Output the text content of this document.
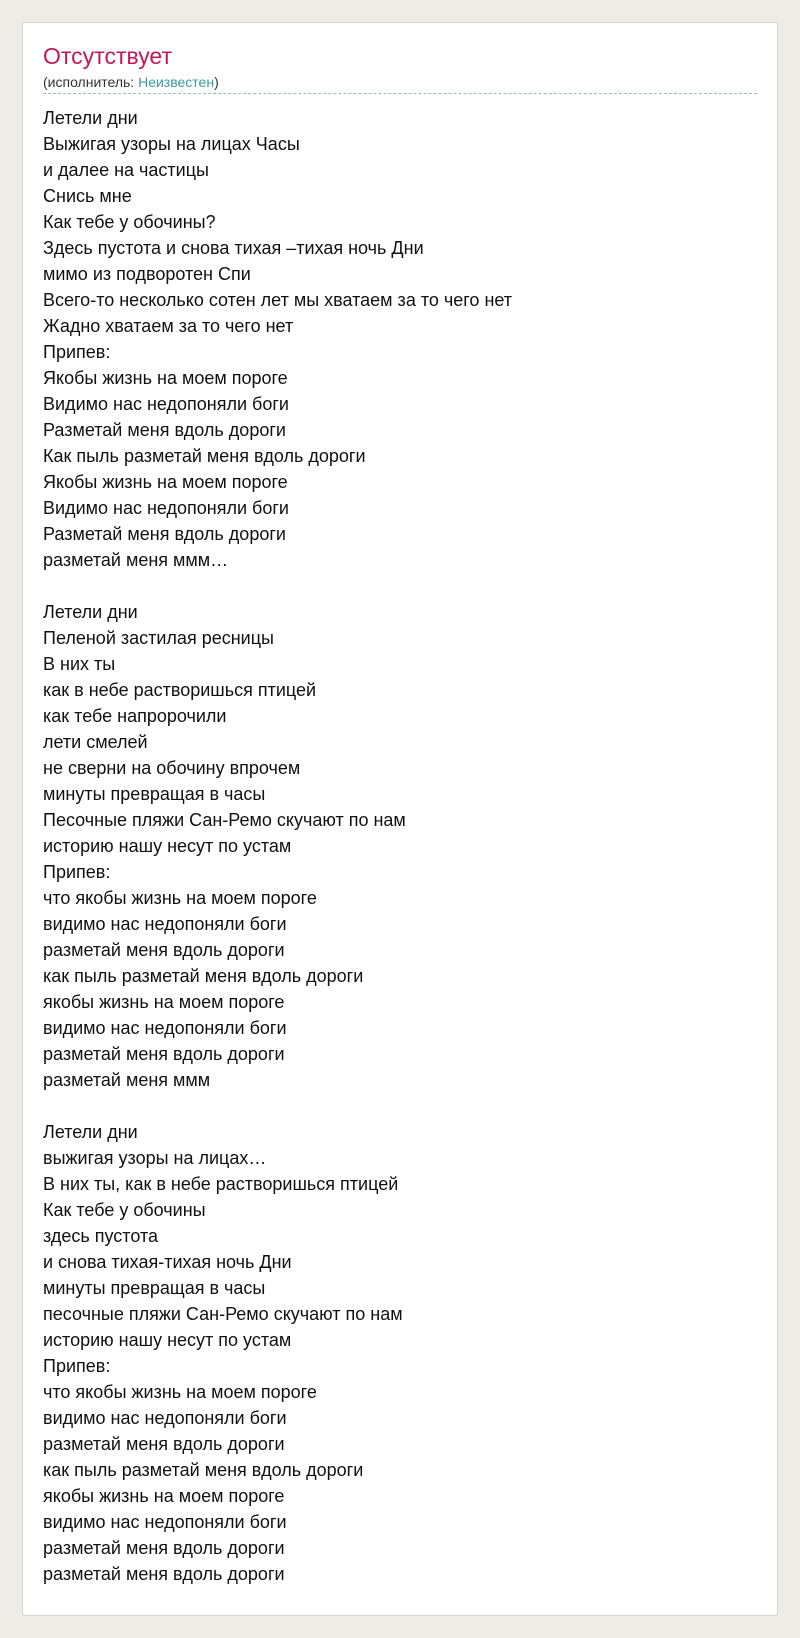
Отсутствует
(исполнитель: Неизвестен)
Летели дни
Выжигая узоры на лицах Часы
и далее на частицы
Снись мне
Как тебе у обочины?
Здесь пустота и снова тихая –тихая ночь Дни
мимо из подворотен Спи
Всего-то несколько сотен лет мы хватаем за то чего нет
Жадно хватаем за то чего нет
Припев:
Якобы жизнь на моем пороге
Видимо нас недопоняли боги
Разметай меня вдоль дороги
Как пыль разметай меня вдоль дороги
Якобы жизнь на моем пороге
Видимо нас недопоняли боги
Разметай меня вдоль дороги
разметай меня ммм…
Летели дни
Пеленой застилая ресницы
В них ты
как в небе растворишься птицей
как тебе напророчили
лети смелей
не сверни на обочину впрочем
минуты превращая в часы
Песочные пляжи Сан-Ремо скучают по нам
историю нашу несут по устам
Припев:
что якобы жизнь на моем пороге
видимо нас недопоняли боги
разметай меня вдоль дороги
как пыль разметай меня вдоль дороги
якобы жизнь на моем пороге
видимо нас недопоняли боги
разметай меня вдоль дороги
разметай меня ммм
Летели дни
выжигая узоры на лицах…
В них ты, как в небе растворишься птицей
Как тебе у обочины
здесь пустота
и снова тихая-тихая ночь Дни
минуты превращая в часы
песочные пляжи Сан-Ремо скучают по нам
историю нашу несут по устам
Припев:
что якобы жизнь на моем пороге
видимо нас недопоняли боги
разметай меня вдоль дороги
как пыль разметай меня вдоль дороги
якобы жизнь на моем пороге
видимо нас недопоняли боги
разметай меня вдоль дороги
разметай меня вдоль дороги
